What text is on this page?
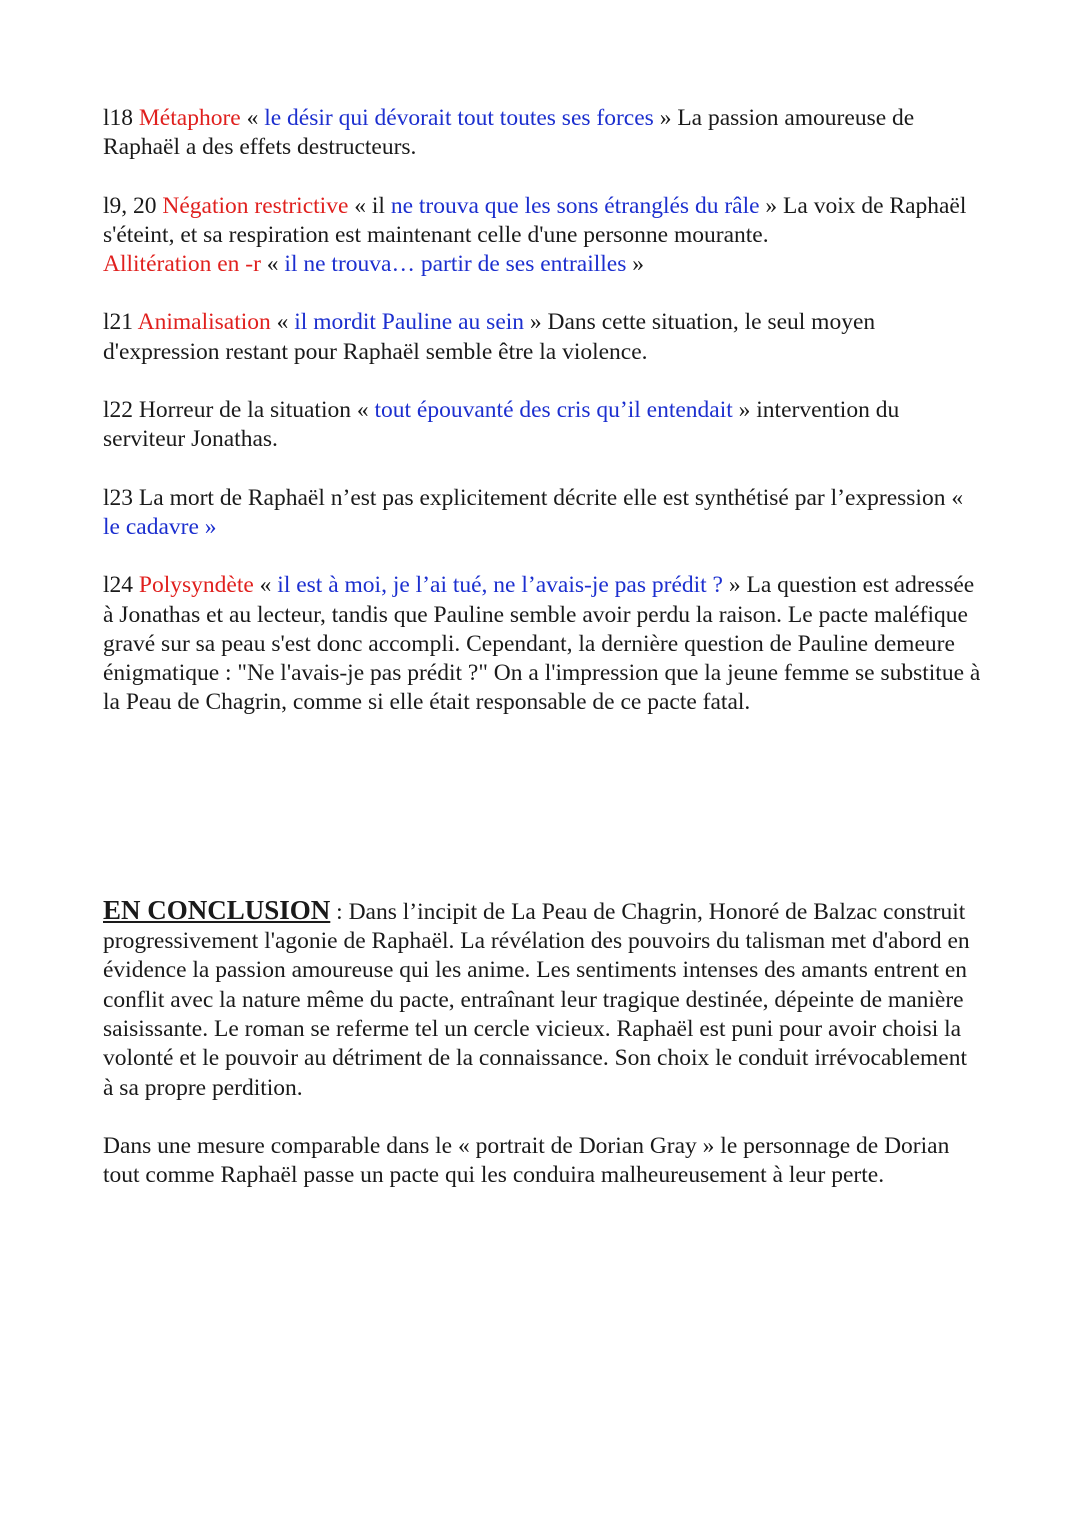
l18 Métaphore « le désir qui dévorait tout toutes ses forces » La passion amoureuse de Raphaël a des effets destructeurs.

l9, 20 Négation restrictive « il ne trouva que les sons étranglés du râle » La voix de Raphaël s'éteint, et sa respiration est maintenant celle d'une personne mourante.
Allitération en -r « il ne trouva… partir de ses entrailles »

l21 Animalisation « il mordit Pauline au sein » Dans cette situation, le seul moyen d'expression restant pour Raphaël semble être la violence.

l22 Horreur de la situation « tout épouvanté des cris qu’il entendait » intervention du serviteur Jonathas.

l23 La mort de Raphaël n’est pas explicitement décrite elle est synthétisé par l’expression « le cadavre »

l24 Polysyndète « il est à moi, je l’ai tué, ne l’avais-je pas prédit ? » La question est adressée à Jonathas et au lecteur, tandis que Pauline semble avoir perdu la raison. Le pacte maléfique gravé sur sa peau s'est donc accompli. Cependant, la dernière question de Pauline demeure énigmatique : "Ne l'avais-je pas prédit ?" On a l'impression que la jeune femme se substitue à la Peau de Chagrin, comme si elle était responsable de ce pacte fatal.

EN CONCLUSION : Dans l’incipit de La Peau de Chagrin, Honoré de Balzac construit progressivement l'agonie de Raphaël. La révélation des pouvoirs du talisman met d'abord en évidence la passion amoureuse qui les anime. Les sentiments intenses des amants entrent en conflit avec la nature même du pacte, entraînant leur tragique destinée, dépeinte de manière saisissante. Le roman se referme tel un cercle vicieux. Raphaël est puni pour avoir choisi la volonté et le pouvoir au détriment de la connaissance. Son choix le conduit irrévocablement à sa propre perdition.

Dans une mesure comparable dans le « portrait de Dorian Gray » le personnage de Dorian tout comme Raphaël passe un pacte qui les conduira malheureusement à leur perte.
